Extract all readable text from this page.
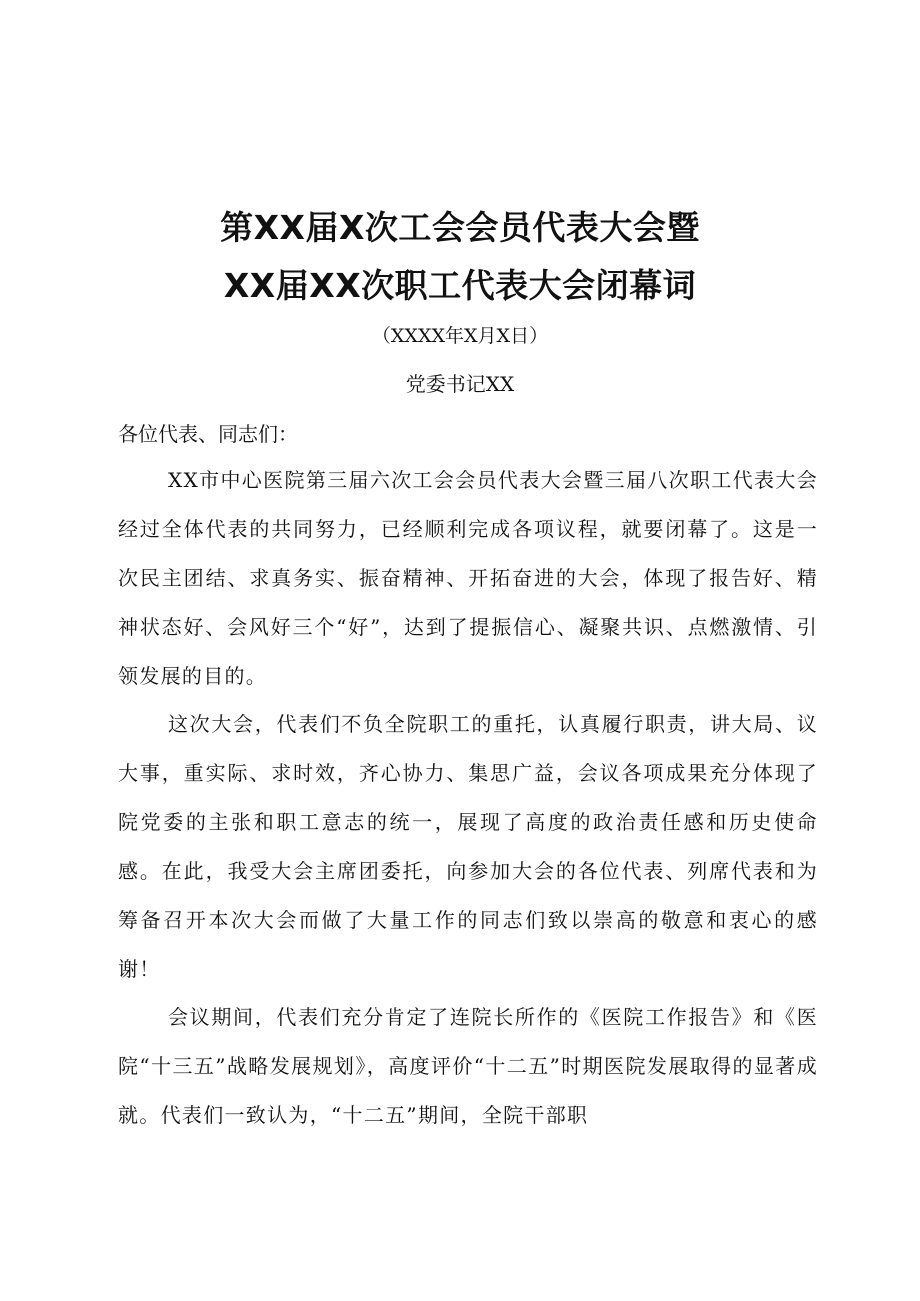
第XX届X次工会会员代表大会暨
XX届XX次职工代表大会闭幕词
（XXXX年X月X日）
党委书记XX
各位代表、同志们：

XX市中心医院第三届六次工会会员代表大会暨三届八次职工代表大会经过全体代表的共同努力，已经顺利完成各项议程，就要闭幕了。这是一次民主团结、求真务实、振奋精神、开拓奋进的大会，体现了报告好、精神状态好、会风好三个“好”，达到了提振信心、凝聚共识、点燃激情、引领发展的目的。

这次大会，代表们不负全院职工的重托，认真履行职责，讲大局、议大事，重实际、求时效，齐心协力、集思广益，会议各项成果充分体现了院党委的主张和职工意志的统一，展现了高度的政治责任感和历史使命感。在此，我受大会主席团委托，向参加大会的各位代表、列席代表和为筹备召开本次大会而做了大量工作的同志们致以崇高的敬意和衷心的感谢！

会议期间，代表们充分肯定了连院长所作的《医院工作报告》和《医院“十三五”战略发展规划》，高度评价“十二五”时期医院发展取得的显著成就。代表们一致认为，“十二五”期间，全院干部职
